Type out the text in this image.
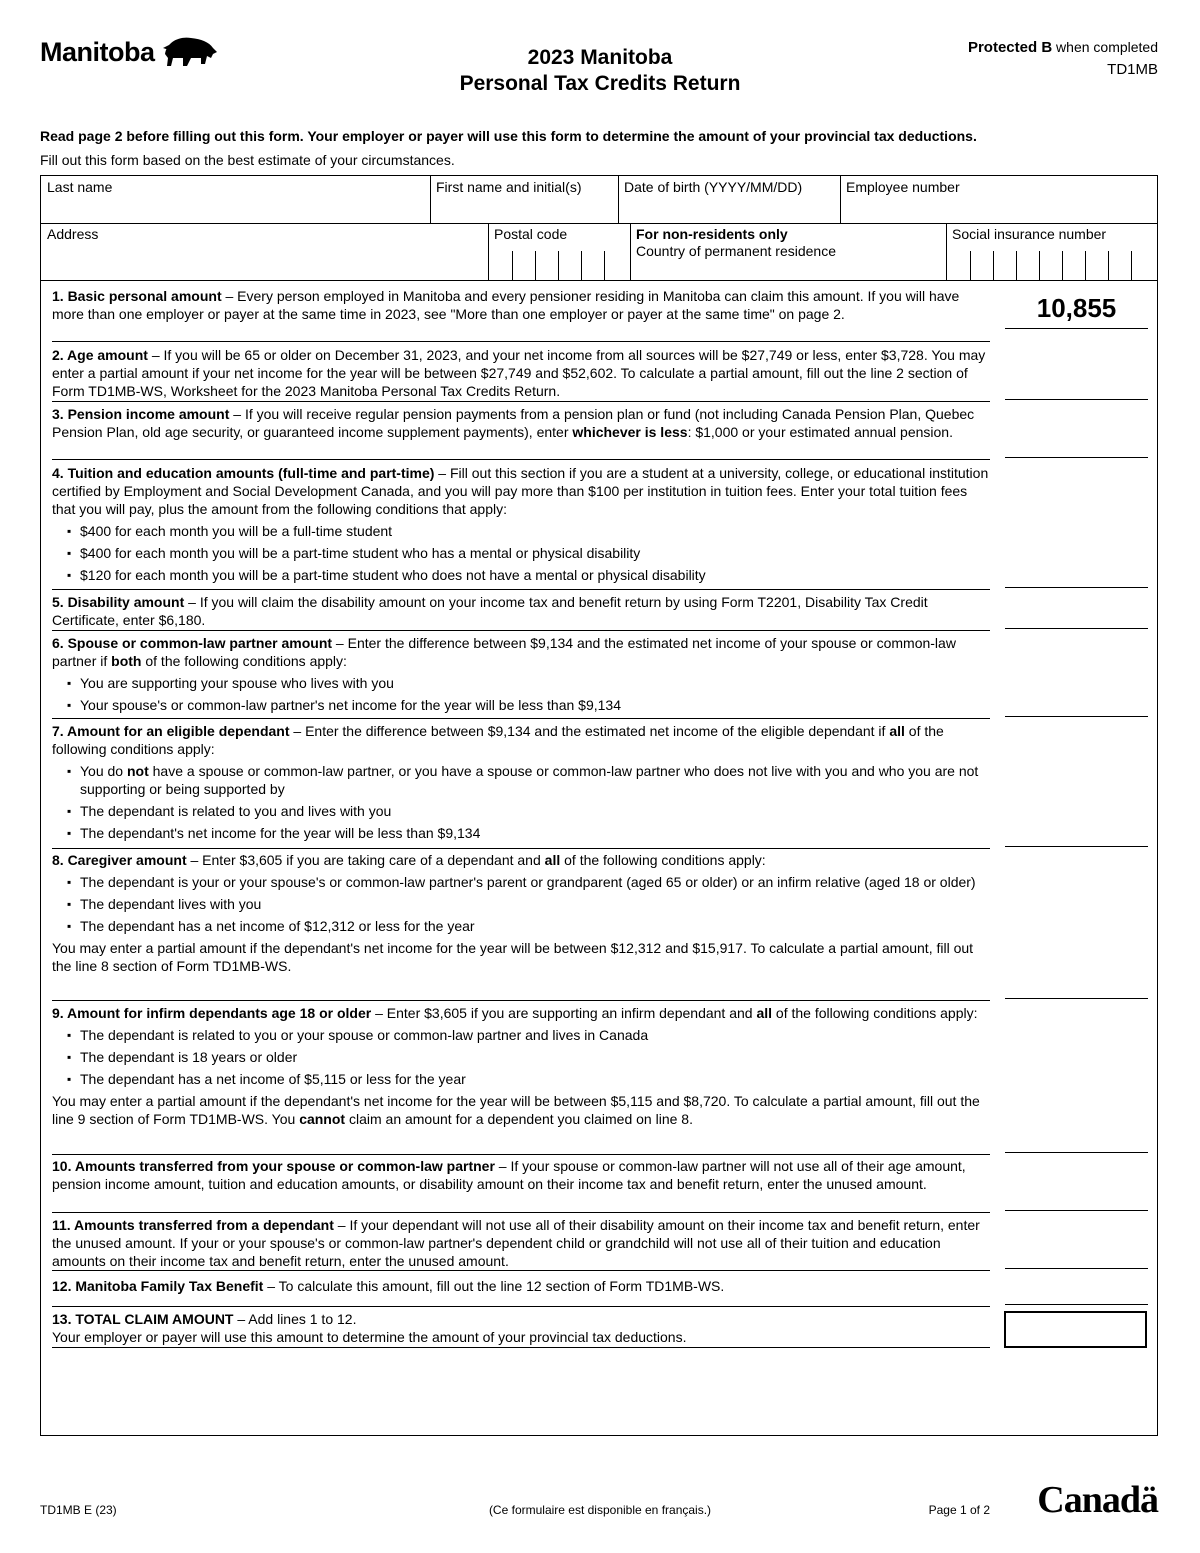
Manitoba	2023 Manitoba
Personal Tax Credits Return
Protected B when completed
TD1MB
Read page 2 before filling out this form. Your employer or payer will use this form to determine the amount of your provincial tax deductions.
Fill out this form based on the best estimate of your circumstances.
Last name	First name and initial(s)	Date of birth (YYYY/MM/DD)	Employee number
Address	Postal code	For non-residents only
Country of permanent residence
Social insurance number
1. Basic personal amount – Every person employed in Manitoba and every pensioner residing in Manitoba can claim this amount. If you will have more than one employer or payer at the same time in 2023, see "More than one employer or payer at the same time" on page 2.	10,855
2. Age amount – If you will be 65 or older on December 31, 2023, and your net income from all sources will be $27,749 or less, enter $3,728. You may enter a partial amount if your net income for the year will be between $27,749 and $52,602. To calculate a partial amount, fill out the line 2 section of Form TD1MB-WS, Worksheet for the 2023 Manitoba Personal Tax Credits Return.
3. Pension income amount – If you will receive regular pension payments from a pension plan or fund (not including Canada Pension Plan, Quebec Pension Plan, old age security, or guaranteed income supplement payments), enter whichever is less: $1,000 or your estimated annual pension.
4. Tuition and education amounts (full-time and part-time) – Fill out this section if you are a student at a university, college, or educational institution certified by Employment and Social Development Canada, and you will pay more than $100 per institution in tuition fees. Enter your total tuition fees that you will pay, plus the amount from the following conditions that apply:
▪ $400 for each month you will be a full-time student
▪ $400 for each month you will be a part-time student who has a mental or physical disability
▪ $120 for each month you will be a part-time student who does not have a mental or physical disability
5. Disability amount – If you will claim the disability amount on your income tax and benefit return by using Form T2201, Disability Tax Credit Certificate, enter $6,180.
6. Spouse or common-law partner amount – Enter the difference between $9,134 and the estimated net income of your spouse or common-law partner if both of the following conditions apply:
▪ You are supporting your spouse who lives with you
▪ Your spouse's or common-law partner's net income for the year will be less than $9,134
7. Amount for an eligible dependant – Enter the difference between $9,134 and the estimated net income of the eligible dependant if all of the following conditions apply:
▪ You do not have a spouse or common-law partner, or you have a spouse or common-law partner who does not live with you and who you are not supporting or being supported by
▪ The dependant is related to you and lives with you
▪ The dependant's net income for the year will be less than $9,134
8. Caregiver amount – Enter $3,605 if you are taking care of a dependant and all of the following conditions apply:
▪ The dependant is your or your spouse's or common-law partner's parent or grandparent (aged 65 or older) or an infirm relative (aged 18 or older)
▪ The dependant lives with you
▪ The dependant has a net income of $12,312 or less for the year
You may enter a partial amount if the dependant's net income for the year will be between $12,312 and $15,917. To calculate a partial amount, fill out the line 8 section of Form TD1MB-WS.
9. Amount for infirm dependants age 18 or older – Enter $3,605 if you are supporting an infirm dependant and all of the following conditions apply:
▪ The dependant is related to you or your spouse or common-law partner and lives in Canada
▪ The dependant is 18 years or older
▪ The dependant has a net income of $5,115 or less for the year
You may enter a partial amount if the dependant's net income for the year will be between $5,115 and $8,720. To calculate a partial amount, fill out the line 9 section of Form TD1MB-WS. You cannot claim an amount for a dependent you claimed on line 8.
10. Amounts transferred from your spouse or common-law partner – If your spouse or common-law partner will not use all of their age amount, pension income amount, tuition and education amounts, or disability amount on their income tax and benefit return, enter the unused amount.
11. Amounts transferred from a dependant – If your dependant will not use all of their disability amount on their income tax and benefit return, enter the unused amount. If your or your spouse's or common-law partner's dependent child or grandchild will not use all of their tuition and education amounts on their income tax and benefit return, enter the unused amount.
12. Manitoba Family Tax Benefit – To calculate this amount, fill out the line 12 section of Form TD1MB-WS.
13. TOTAL CLAIM AMOUNT – Add lines 1 to 12.
Your employer or payer will use this amount to determine the amount of your provincial tax deductions.
TD1MB E (23)	(Ce formulaire est disponible en français.)	Page 1 of 2 Canadä
